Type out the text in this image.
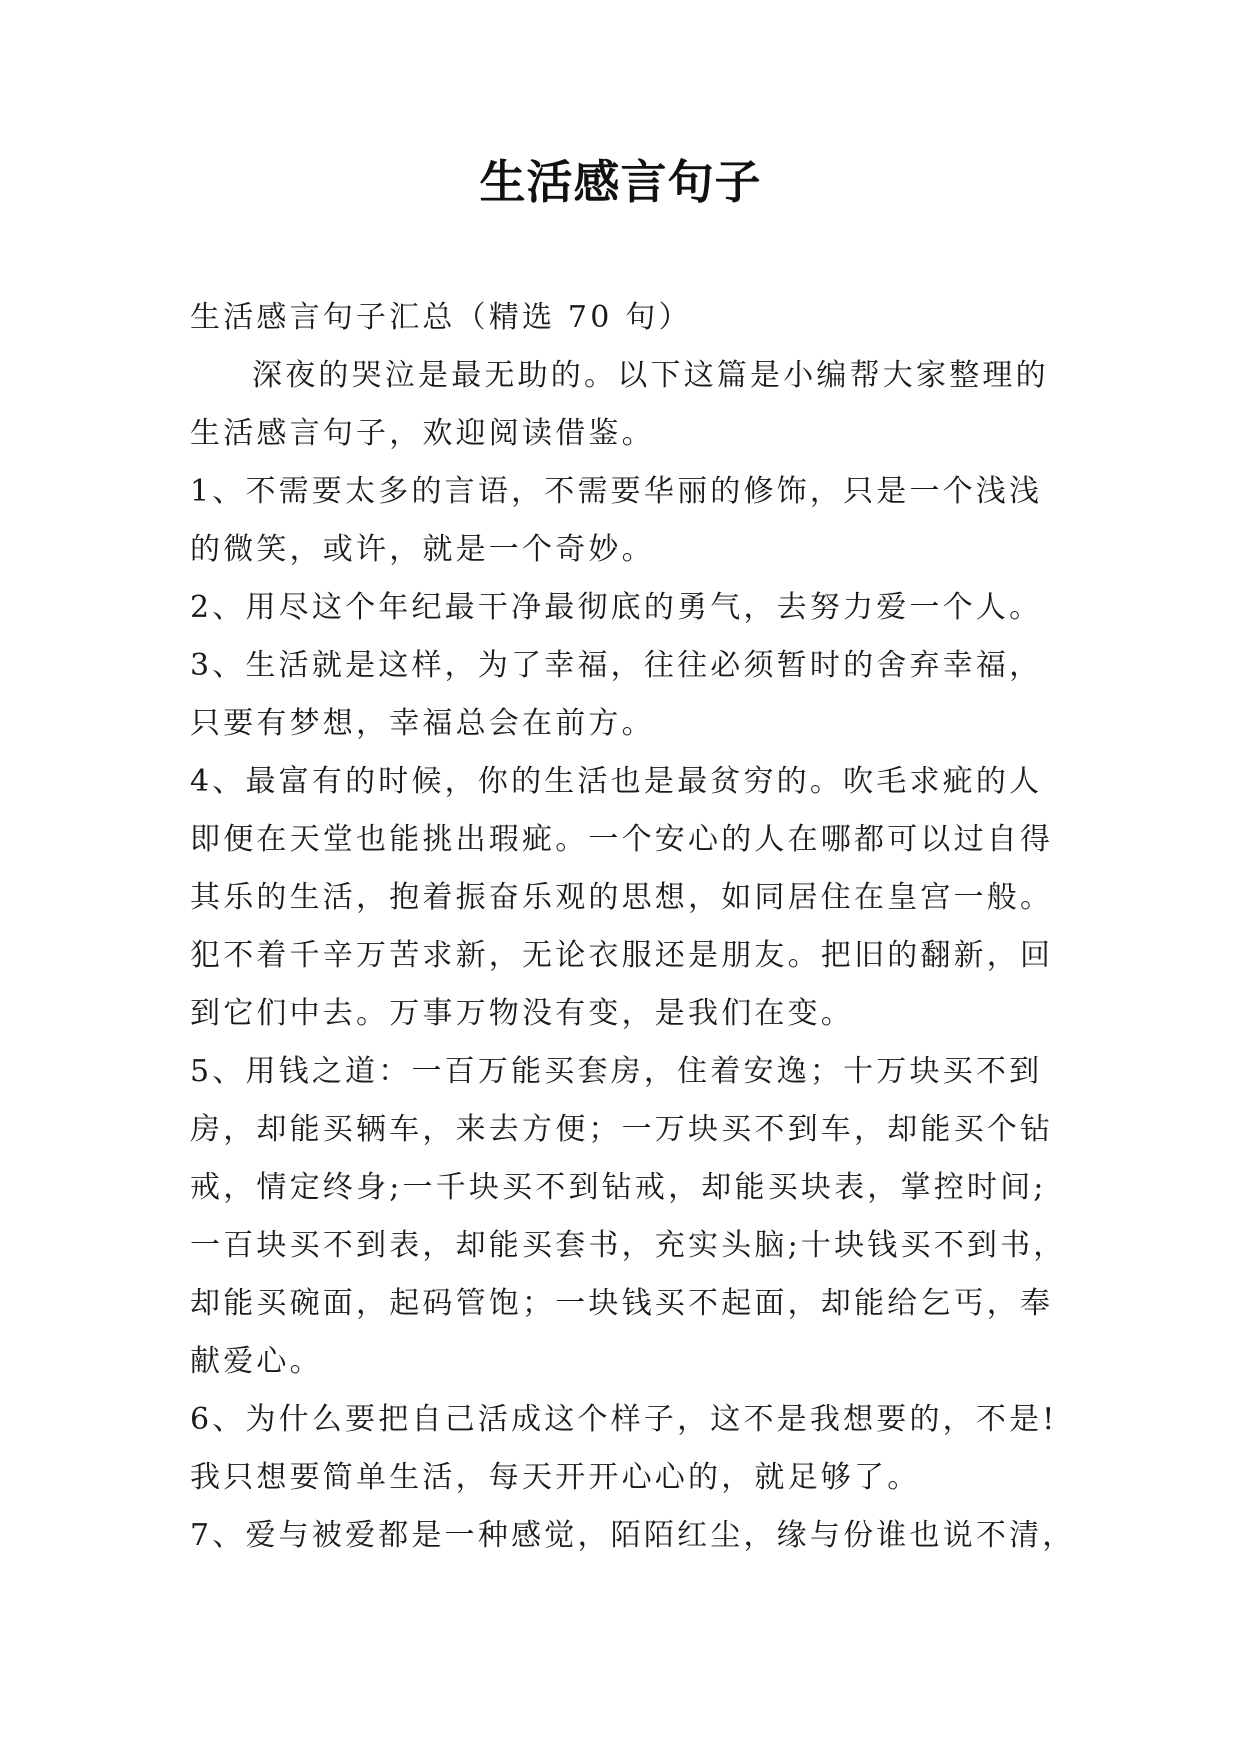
生活感言句子
生活感言句子汇总（精选 70 句）
深夜的哭泣是最无助的。以下这篇是小编帮大家整理的
生活感言句子，欢迎阅读借鉴。
1、不需要太多的言语，不需要华丽的修饰，只是一个浅浅
的微笑，或许，就是一个奇妙。
2、用尽这个年纪最干净最彻底的勇气，去努力爱一个人。
3、生活就是这样，为了幸福，往往必须暂时的舍弃幸福，
只要有梦想，幸福总会在前方。
4、最富有的时候，你的生活也是最贫穷的。吹毛求疵的人
即便在天堂也能挑出瑕疵。一个安心的人在哪都可以过自得
其乐的生活，抱着振奋乐观的思想，如同居住在皇宫一般。
犯不着千辛万苦求新，无论衣服还是朋友。把旧的翻新，回
到它们中去。万事万物没有变，是我们在变。
5、用钱之道：一百万能买套房，住着安逸；十万块买不到
房，却能买辆车，来去方便；一万块买不到车，却能买个钻
戒，情定终身;一千块买不到钻戒，却能买块表，掌控时间;
一百块买不到表，却能买套书，充实头脑;十块钱买不到书，
却能买碗面，起码管饱；一块钱买不起面，却能给乞丐，奉
献爱心。
6、为什么要把自己活成这个样子，这不是我想要的，不是!
我只想要简单生活，每天开开心心的，就足够了。
7、爱与被爱都是一种感觉，陌陌红尘，缘与份谁也说不清，
